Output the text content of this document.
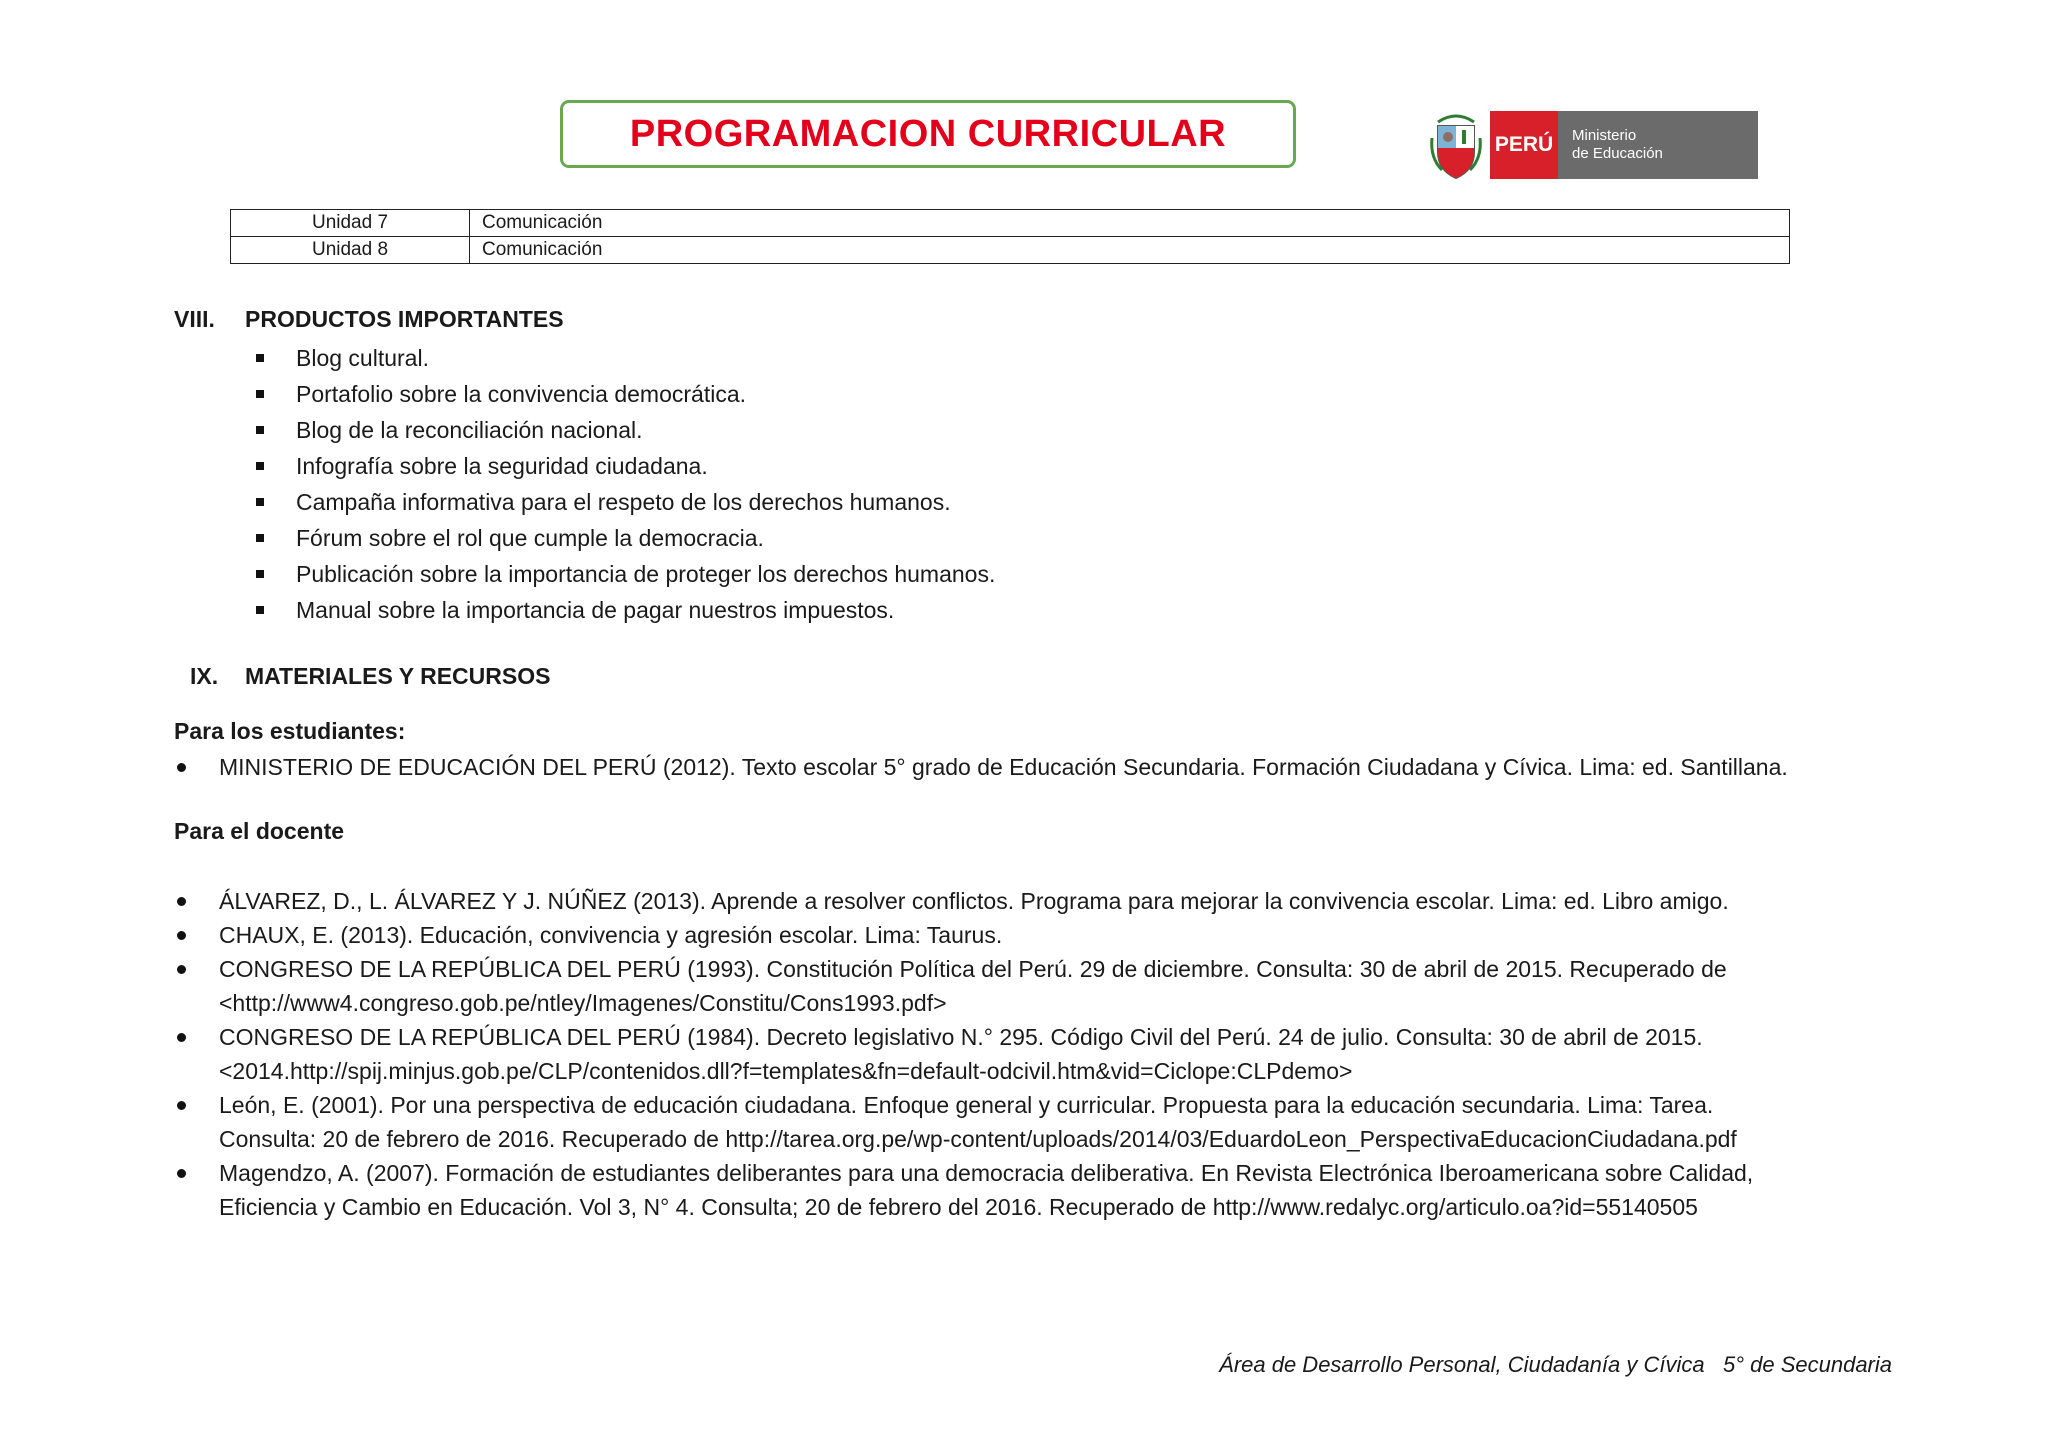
PROGRAMACION CURRICULAR	PERÚ	Ministerio
de Educación
Unidad 7	Comunicación
Unidad 8	Comunicación
VIII. PRODUCTOS IMPORTANTES
Blog cultural.
Portafolio sobre la convivencia democrática.
Blog de la reconciliación nacional.
Infografía sobre la seguridad ciudadana.
Campaña informativa para el respeto de los derechos humanos.
Fórum sobre el rol que cumple la democracia.
Publicación sobre la importancia de proteger los derechos humanos.
Manual sobre la importancia de pagar nuestros impuestos.
IX. MATERIALES Y RECURSOS
Para los estudiantes:
MINISTERIO DE EDUCACIÓN DEL PERÚ (2012). Texto escolar 5° grado de Educación Secundaria. Formación Ciudadana y Cívica. Lima: ed. Santillana.
Para el docente
ÁLVAREZ, D., L. ÁLVAREZ Y J. NÚÑEZ (2013). Aprende a resolver conflictos. Programa para mejorar la convivencia escolar. Lima: ed. Libro amigo.
CHAUX, E. (2013). Educación, convivencia y agresión escolar. Lima: Taurus.
CONGRESO DE LA REPÚBLICA DEL PERÚ (1993). Constitución Política del Perú. 29 de diciembre. Consulta: 30 de abril de 2015. Recuperado de
<http://www4.congreso.gob.pe/ntley/Imagenes/Constitu/Cons1993.pdf>
CONGRESO DE LA REPÚBLICA DEL PERÚ (1984). Decreto legislativo N.° 295. Código Civil del Perú. 24 de julio. Consulta: 30 de abril de 2015.
<2014.http://spij.minjus.gob.pe/CLP/contenidos.dll?f=templates&fn=default-odcivil.htm&vid=Ciclope:CLPdemo>
León, E. (2001). Por una perspectiva de educación ciudadana. Enfoque general y curricular. Propuesta para la educación secundaria. Lima: Tarea.
Consulta: 20 de febrero de 2016. Recuperado de http://tarea.org.pe/wp-content/uploads/2014/03/EduardoLeon_PerspectivaEducacionCiudadana.pdf
Magendzo, A. (2007). Formación de estudiantes deliberantes para una democracia deliberativa. En Revista Electrónica Iberoamericana sobre Calidad,
Eficiencia y Cambio en Educación. Vol 3, N° 4. Consulta; 20 de febrero del 2016. Recuperado de http://www.redalyc.org/articulo.oa?id=55140505
Área de Desarrollo Personal, Ciudadanía y Cívica 5° de Secundaria
